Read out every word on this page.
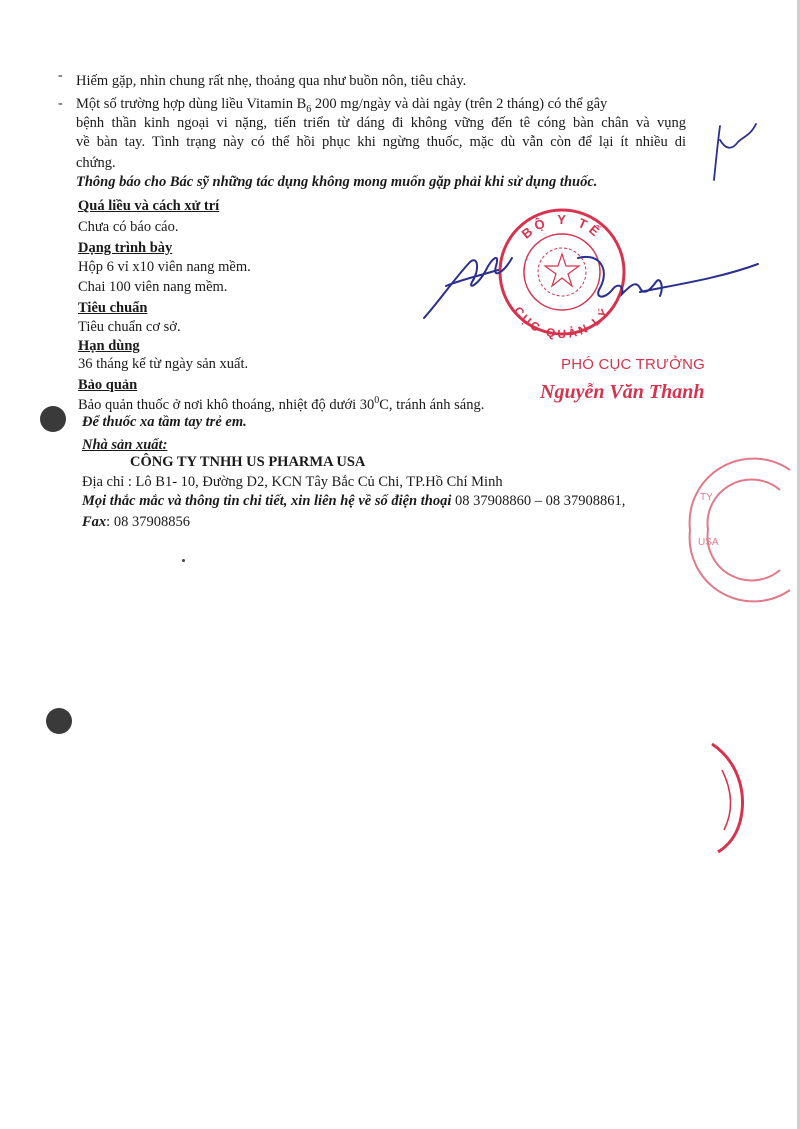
- Hiếm gặp, nhìn chung rất nhẹ, thoảng qua như buồn nôn, tiêu chảy.
- Một số trường hợp dùng liều Vitamin $B_6$ 200 mg/ngày và dài ngày (trên 2 tháng) có thể gây
bệnh thần kinh ngoại vi nặng, tiến triển từ dáng đi không vững đến tê cóng bàn chân và vụng
về bàn tay. Tình trạng này có thể hồi phục khi ngừng thuốc, mặc dù vẫn còn để lại ít nhiều di
chứng.
Thông báo cho Bác sỹ những tác dụng không mong muốn gặp phải khi sử dụng thuốc.
Quá liều và cách xử trí
Chưa có báo cáo.
Dạng trình bày
Hộp 6 vỉ x10 viên nang mềm.
Chai 100 viên nang mềm.
Tiêu chuẩn
Tiêu chuẩn cơ sở.
Hạn dùng
36 tháng kể từ ngày sản xuất.
Bảo quản
Bảo quản thuốc ở nơi khô thoáng, nhiệt độ dưới $30^0C$, tránh ánh sáng.
Để thuốc xa tầm tay trẻ em.
Nhà sản xuất:
CÔNG TY TNHH US PHARMA USA
Địa chỉ : Lô B1- 10, Đường D2, KCN Tây Bắc Củ Chi, TP.Hồ Chí Minh
Mọi thắc mắc và thông tin chi tiết, xin liên hệ về số điện thoại 08 37908860 – 08 37908861,
Fax: 08 37908856
BỘ Y TẾ
CỤC QUẢN LÝ
TY
USA
PHÓ CỤC TRƯỞNG
Nguyễn Văn Thanh
